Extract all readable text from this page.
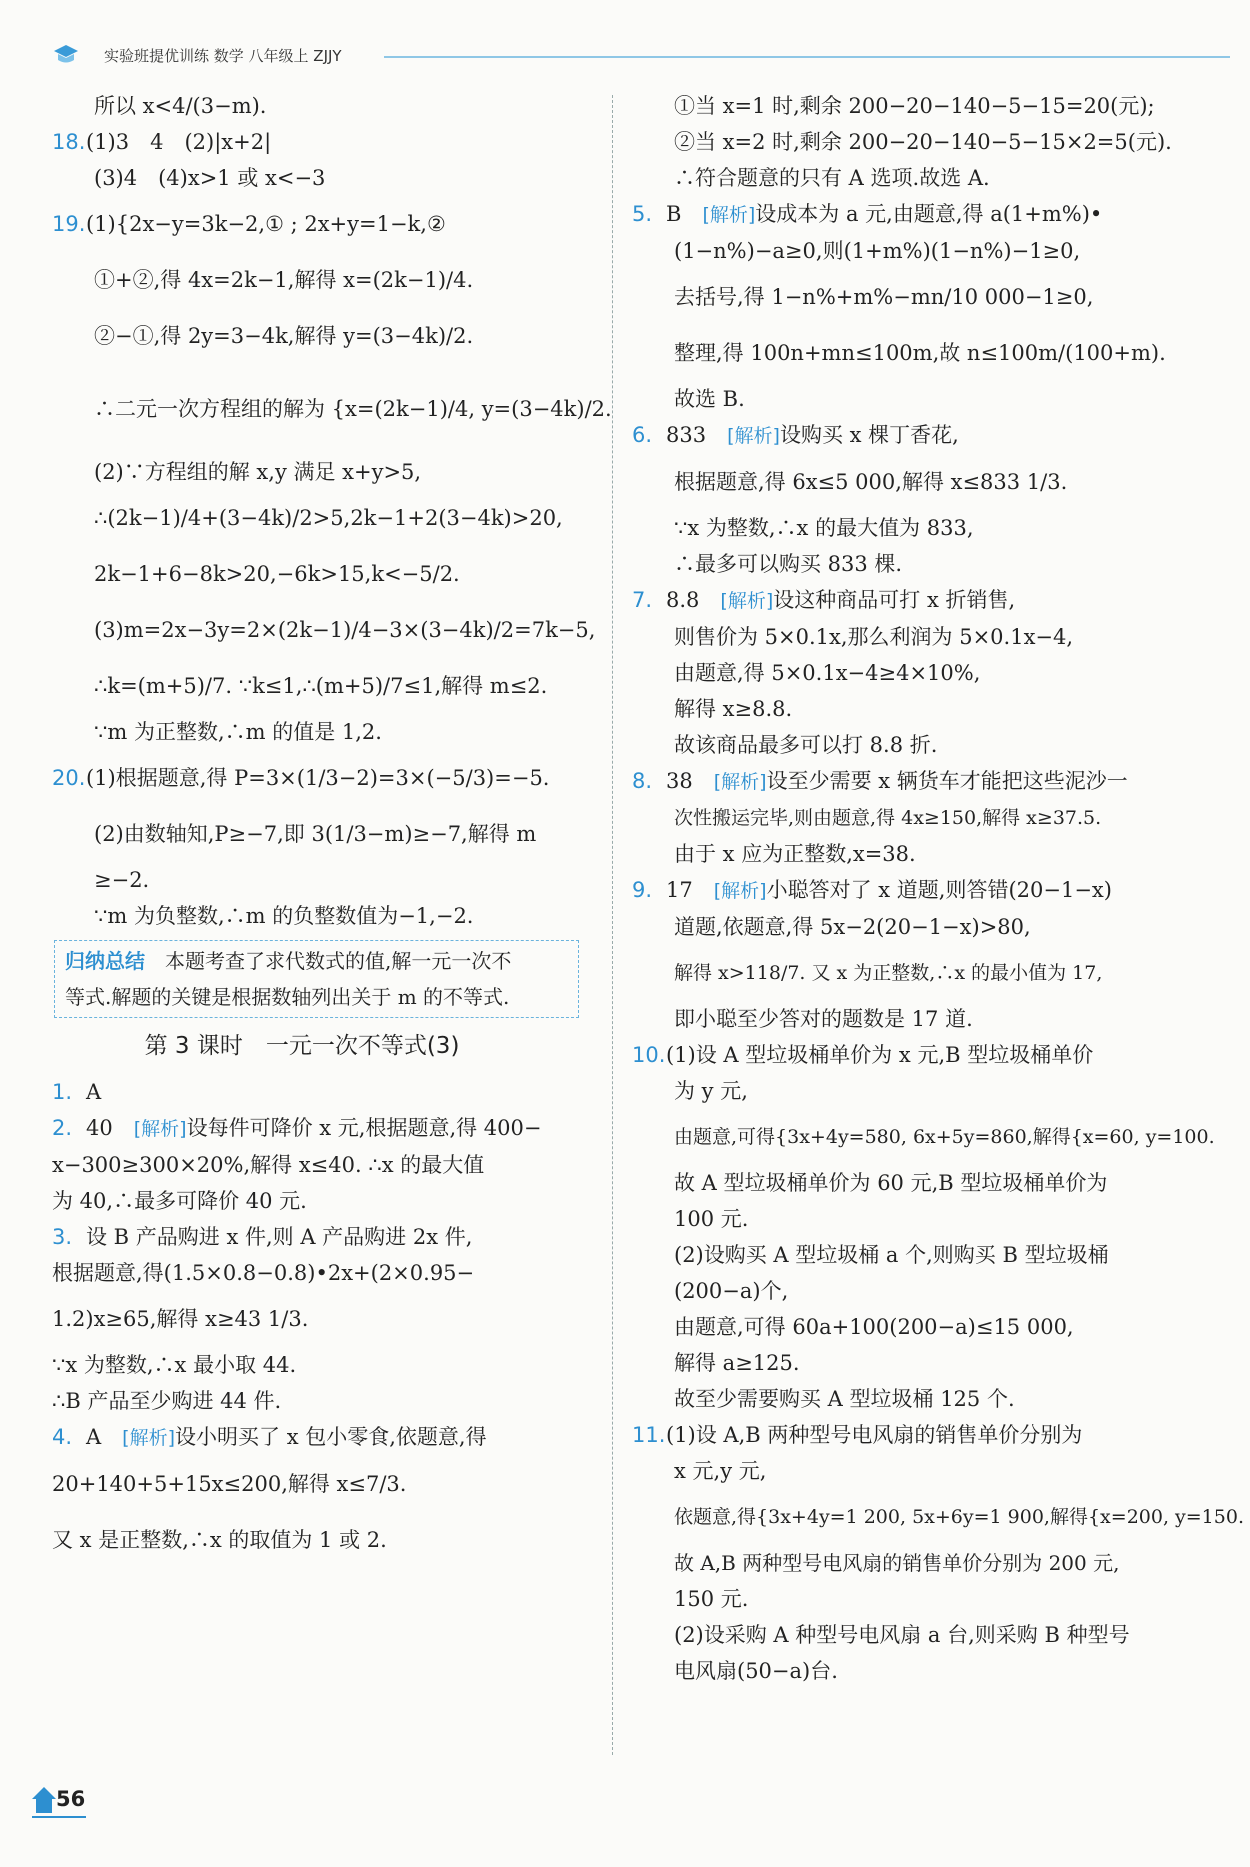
实验班提优训练 数学 八年级上 ZJJY
所以 x<4/(3−m).
18.(1)3　4　(2)|x+2|
(3)4　(4)x>1 或 x<−3
19.(1){2x−y=3k−2,① ; 2x+y=1−k,②
①+②,得 4x=2k−1,解得 x=(2k−1)/4.
②−①,得 2y=3−4k,解得 y=(3−4k)/2.
∴二元一次方程组的解为 {x=(2k−1)/4, y=(3−4k)/2.
(2)∵方程组的解 x,y 满足 x+y>5,
∴(2k−1)/4+(3−4k)/2>5,2k−1+2(3−4k)>20,
2k−1+6−8k>20,−6k>15,k<−5/2.
(3)m=2x−3y=2×(2k−1)/4−3×(3−4k)/2=7k−5,
∴k=(m+5)/7. ∵k≤1,∴(m+5)/7≤1,解得 m≤2.
∵m 为正整数,∴m 的值是 1,2.
20.(1)根据题意,得 P=3×(1/3−2)=3×(−5/3)=−5.
(2)由数轴知,P≥−7,即 3(1/3−m)≥−7,解得 m
≥−2.
∵m 为负整数,∴m 的负整数值为−1,−2.
归纳总结　 本题考查了求代数式的值,解一元一次不
等式.解题的关键是根据数轴列出关于 m 的不等式.
第 3 课时　一元一次不等式(3)
1. A
2. 40　 [ 解析 ] 设每件可降价 x 元,根据题意,得 400−
x−300≥300×20%,解得 x≤40. ∴x 的最大值
为 40,∴最多可降价 40 元.
3. 设 B 产品购进 x 件,则 A 产品购进 2x 件,
根据题意,得(1.5×0.8−0.8)•2x+(2×0.95−
1.2)x≥65,解得 x≥43 1/3.
∵x 为整数,∴x 最小取 44.
∴B 产品至少购进 44 件.
4. A　 [ 解析 ] 设小明买了 x 包小零食,依题意,得
20+140+5+15x≤200,解得 x≤7/3.
又 x 是正整数,∴x 的取值为 1 或 2.
①当 x=1 时,剩余 200−20−140−5−15=20(元);
②当 x=2 时,剩余 200−20−140−5−15×2=5(元).
∴符合题意的只有 A 选项.故选 A.
5. B　 [ 解析 ] 设成本为 a 元,由题意,得 a(1+m%)•
(1−n%)−a≥0,则(1+m%)(1−n%)−1≥0,
去括号,得 1−n%+m%−mn/10 000−1≥0,
整理,得 100n+mn≤100m,故 n≤100m/(100+m).
故选 B.
6. 833　 [ 解析 ] 设购买 x 棵丁香花,
根据题意,得 6x≤5 000,解得 x≤833 1/3.
∵x 为整数,∴x 的最大值为 833,
∴最多可以购买 833 棵.
7. 8.8　 [ 解析 ] 设这种商品可打 x 折销售,
则售价为 5×0.1x,那么利润为 5×0.1x−4,
由题意,得 5×0.1x−4≥4×10%,
解得 x≥8.8.
故该商品最多可以打 8.8 折.
8. 38　 [ 解析 ] 设至少需要 x 辆货车才能把这些泥沙一
次性搬运完毕,则由题意,得 4x≥150,解得 x≥37.5.
由于 x 应为正整数,x=38.
9. 17　 [ 解析 ] 小聪答对了 x 道题,则答错(20−1−x)
道题,依题意,得 5x−2(20−1−x)>80,
解得 x>118/7. 又 x 为正整数,∴x 的最小值为 17,
即小聪至少答对的题数是 17 道.
10.(1)设 A 型垃圾桶单价为 x 元,B 型垃圾桶单价
为 y 元,
由题意,可得{3x+4y=580, 6x+5y=860,解得{x=60, y=100.
故 A 型垃圾桶单价为 60 元,B 型垃圾桶单价为
100 元.
(2)设购买 A 型垃圾桶 a 个,则购买 B 型垃圾桶
(200−a)个,
由题意,可得 60a+100(200−a)≤15 000,
解得 a≥125.
故至少需要购买 A 型垃圾桶 125 个.
11.(1)设 A,B 两种型号电风扇的销售单价分别为
x 元,y 元,
依题意,得{3x+4y=1 200, 5x+6y=1 900,解得{x=200, y=150.
故 A,B 两种型号电风扇的销售单价分别为 200 元,
150 元.
(2)设采购 A 种型号电风扇 a 台,则采购 B 种型号
电风扇(50−a)台.
56
